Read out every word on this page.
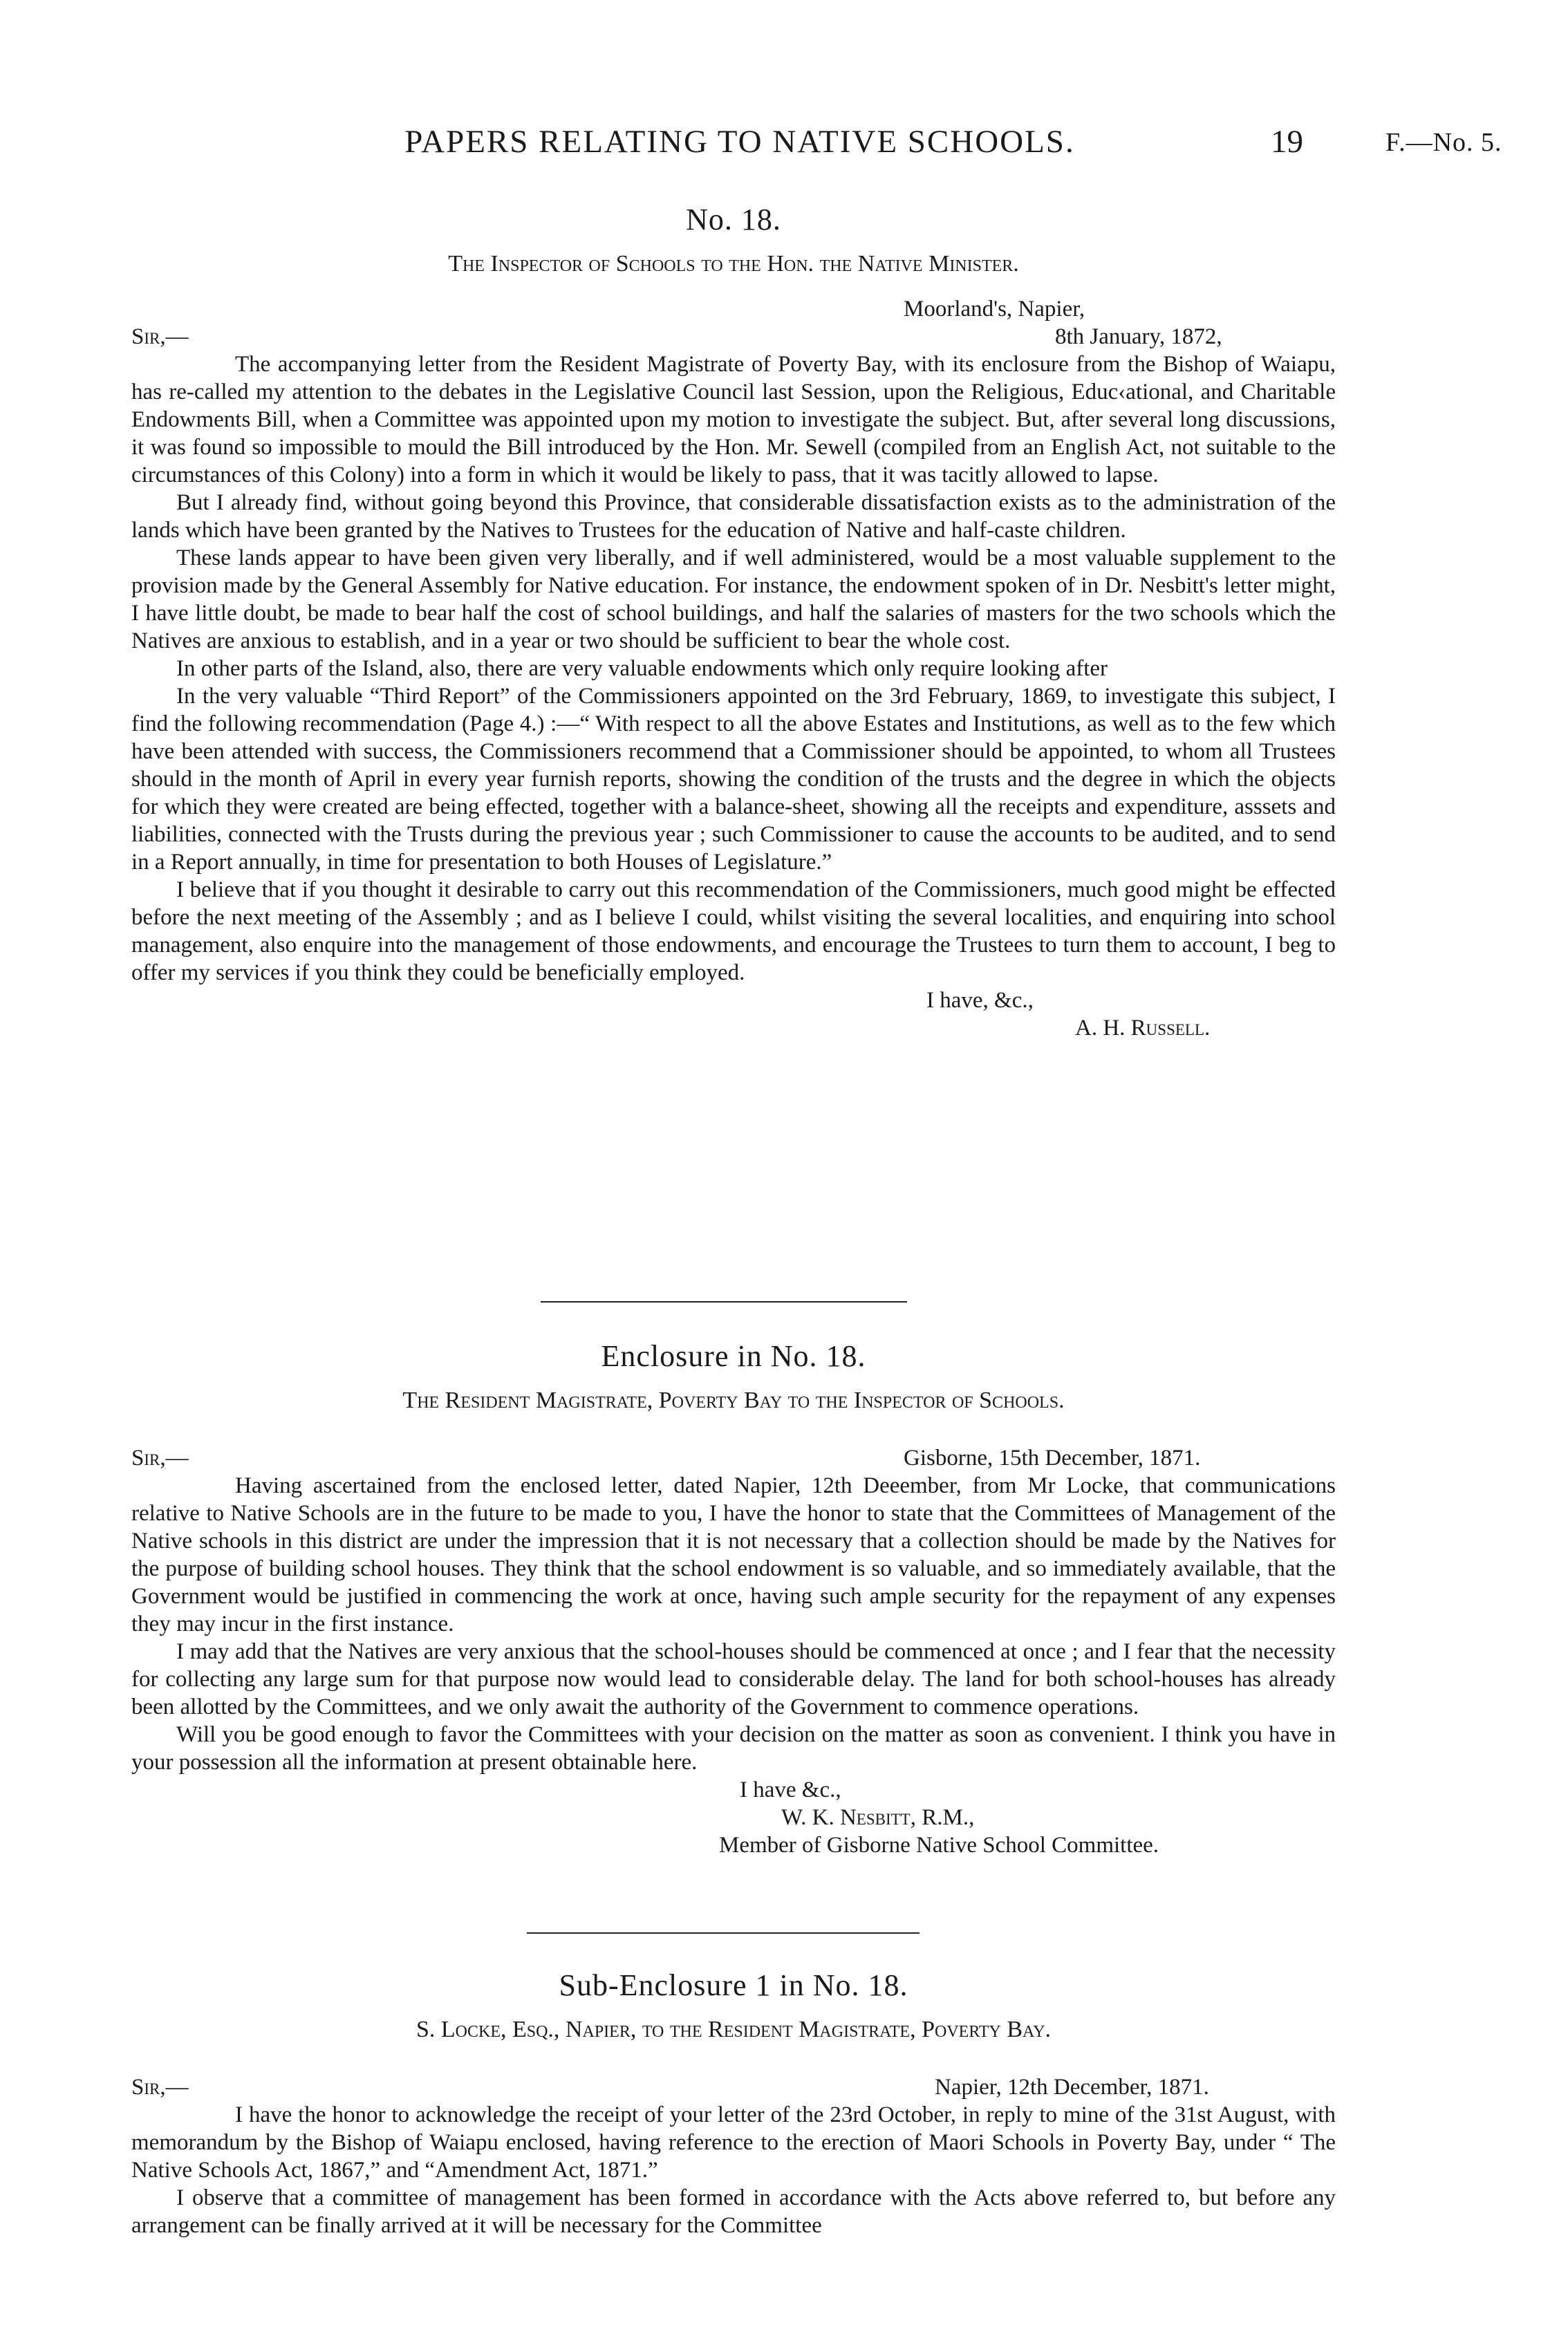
PAPERS RELATING TO NATIVE SCHOOLS.	19	F.—No. 5.
No. 18.
The Inspector of Schools to the Hon. the Native Minister.
Moorland's, Napier,
Sir,—	8th January, 1872,

The accompanying letter from the Resident Magistrate of Poverty Bay, with its enclosure from the Bishop of Waiapu, has re-called my attention to the debates in the Legislative Council last Session, upon the Religious, Educ‹ational, and Charitable Endowments Bill, when a Committee was appointed upon my motion to investigate the subject. But, after several long discussions, it was found so impossible to mould the Bill introduced by the Hon. Mr. Sewell (compiled from an English Act, not suitable to the circumstances of this Colony) into a form in which it would be likely to pass, that it was tacitly allowed to lapse.

But I already find, without going beyond this Province, that considerable dissatisfaction exists as to the administration of the lands which have been granted by the Natives to Trustees for the education of Native and half-caste children.

These lands appear to have been given very liberally, and if well administered, would be a most valuable supplement to the provision made by the General Assembly for Native education. For instance, the endowment spoken of in Dr. Nesbitt's letter might, I have little doubt, be made to bear half the cost of school buildings, and half the salaries of masters for the two schools which the Natives are anxious to establish, and in a year or two should be sufficient to bear the whole cost.

In other parts of the Island, also, there are very valuable endowments which only require looking after

In the very valuable “Third Report” of the Commissioners appointed on the 3rd February, 1869, to investigate this subject, I find the following recommendation (Page 4.) :—“ With respect to all the above Estates and Institutions, as well as to the few which have been attended with success, the Commissioners recommend that a Commissioner should be appointed, to whom all Trustees should in the month of April in every year furnish reports, showing the condition of the trusts and the degree in which the objects for which they were created are being effected, together with a balance-sheet, showing all the receipts and expenditure, asssets and liabilities, connected with the Trusts during the previous year ; such Commissioner to cause the accounts to be audited, and to send in a Report annually, in time for presentation to both Houses of Legislature.”

I believe that if you thought it desirable to carry out this recommendation of the Commissioners, much good might be effected before the next meeting of the Assembly ; and as I believe I could, whilst visiting the several localities, and enquiring into school management, also enquire into the management of those endowments, and encourage the Trustees to turn them to account, I beg to offer my services if you think they could be beneficially employed.

I have, &c.,
A. H. Russell.
Enclosure in No. 18.
The Resident Magistrate, Poverty Bay to the Inspector of Schools.
Sir,—	Gisborne, 15th December, 1871.

Having ascertained from the enclosed letter, dated Napier, 12th Deeember, from Mr Locke, that communications relative to Native Schools are in the future to be made to you, I have the honor to state that the Committees of Management of the Native schools in this district are under the impression that it is not necessary that a collection should be made by the Natives for the purpose of building school houses. They think that the school endowment is so valuable, and so immediately available, that the Government would be justified in commencing the work at once, having such ample security for the repayment of any expenses they may incur in the first instance.

I may add that the Natives are very anxious that the school-houses should be commenced at once ; and I fear that the necessity for collecting any large sum for that purpose now would lead to considerable delay. The land for both school-houses has already been allotted by the Committees, and we only await the authority of the Government to commence operations.

Will you be good enough to favor the Committees with your decision on the matter as soon as convenient. I think you have in your possession all the information at present obtainable here.

I have &c.,
W. K. Nesbitt, R.M.,
Member of Gisborne Native School Committee.
Sub-Enclosure 1 in No. 18.
S. Locke, Esq., Napier, to the Resident Magistrate, Poverty Bay.
Sir,—	Napier, 12th December, 1871.

I have the honor to acknowledge the receipt of your letter of the 23rd October, in reply to mine of the 31st August, with memorandum by the Bishop of Waiapu enclosed, having reference to the erection of Maori Schools in Poverty Bay, under “ The Native Schools Act, 1867,” and “Amendment Act, 1871.”

I observe that a committee of management has been formed in accordance with the Acts above referred to, but before any arrangement can be finally arrived at it will be necessary for the Committee
